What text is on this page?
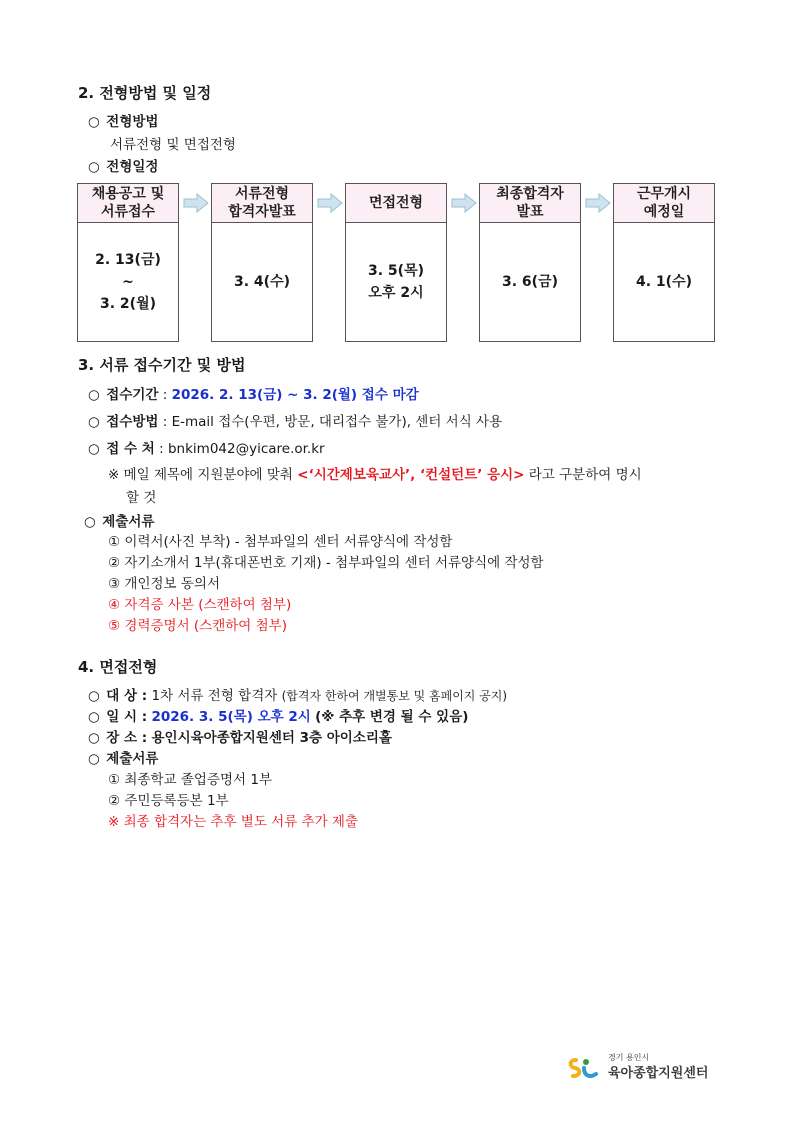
2. 전형방법 및 일정
○ 전형방법
서류전형 및 면접전형
○ 전형일정
채용공고 및
서류접수
2. 13(금)
~
3. 2(월)
서류전형
합격자발표
3. 4(수)
면접전형
3. 5(목)
오후 2시
최종합격자
발표
3. 6(금)
근무개시
예정일
4. 1(수)
3. 서류 접수기간 및 방법
○ 접수기간 : 2026. 2. 13(금) ~ 3. 2(월) 접수 마감
○ 접수방법 : E-mail 접수(우편, 방문, 대리접수 불가), 센터 서식 사용
○ 접 수 처 : bnkim042@yicare.or.kr
※ 메일 제목에 지원분야에 맞춰 <‘시간제보육교사’, ‘컨설턴트’ 응시> 라고 구분하여 명시
할 것
○ 제출서류
① 이력서(사진 부착) - 첨부파일의 센터 서류양식에 작성함
② 자기소개서 1부(휴대폰번호 기재) - 첨부파일의 센터 서류양식에 작성함
③ 개인정보 동의서
④ 자격증 사본 (스캔하여 첨부)
⑤ 경력증명서 (스캔하여 첨부)
4. 면접전형
○ 대 상 : 1차 서류 전형 합격자 (합격자 한하여 개별통보 및 홈페이지 공지)
○ 일 시 : 2026. 3. 5(목) 오후 2시 (※ 추후 변경 될 수 있음)
○ 장 소 : 용인시육아종합지원센터 3층 아이소리홀
○ 제출서류
① 최종학교 졸업증명서 1부
② 주민등록등본 1부
※ 최종 합격자는 추후 별도 서류 추가 제출
경기 용인시
육아종합지원센터
